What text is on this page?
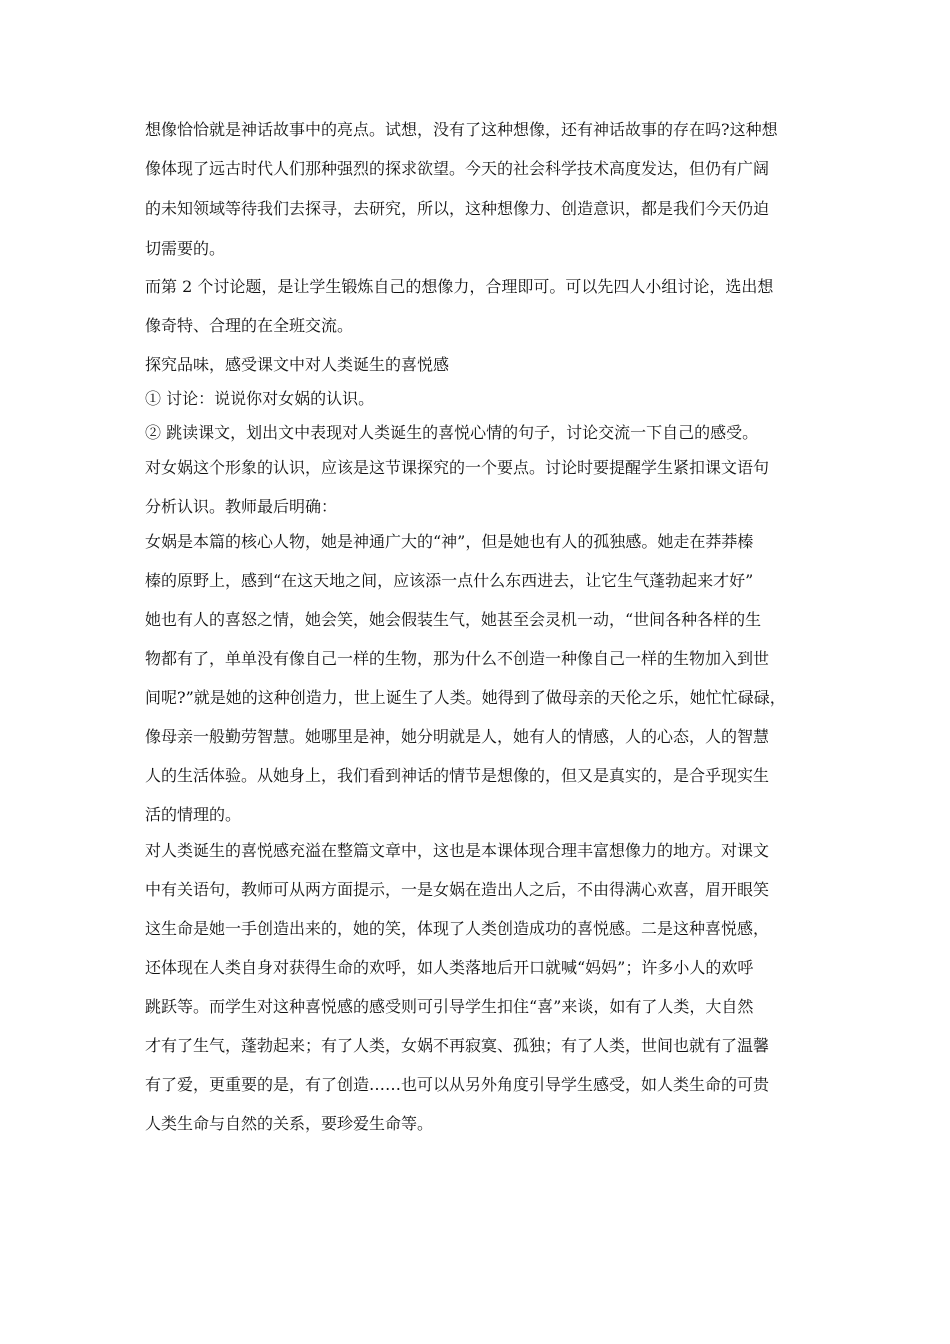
想像恰恰就是神话故事中的亮点。试想，没有了这种想像，还有神话故事的存在吗?这种想
像体现了远古时代人们那种强烈的探求欲望。今天的社会科学技术高度发达，但仍有广阔
的未知领域等待我们去探寻，去研究，所以，这种想像力、创造意识，都是我们今天仍迫
切需要的。
而第 2 个讨论题，是让学生锻炼自己的想像力，合理即可。可以先四人小组讨论，选出想
像奇特、合理的在全班交流。
探究品味，感受课文中对人类诞生的喜悦感
① 讨论：说说你对女娲的认识。
② 跳读课文，划出文中表现对人类诞生的喜悦心情的句子，讨论交流一下自己的感受。
对女娲这个形象的认识，应该是这节课探究的一个要点。讨论时要提醒学生紧扣课文语句
分析认识。教师最后明确：
女娲是本篇的核心人物，她是神通广大的“神”，但是她也有人的孤独感。她走在莽莽榛
榛的原野上，感到“在这天地之间，应该添一点什么东西进去，让它生气蓬勃起来才好”
她也有人的喜怒之情，她会笑，她会假装生气，她甚至会灵机一动，“世间各种各样的生
物都有了，单单没有像自己一样的生物，那为什么不创造一种像自己一样的生物加入到世
间呢?”就是她的这种创造力，世上诞生了人类。她得到了做母亲的天伦之乐，她忙忙碌碌，
像母亲一般勤劳智慧。她哪里是神，她分明就是人，她有人的情感，人的心态，人的智慧
人的生活体验。从她身上，我们看到神话的情节是想像的，但又是真实的，是合乎现实生
活的情理的。
对人类诞生的喜悦感充溢在整篇文章中，这也是本课体现合理丰富想像力的地方。对课文
中有关语句，教师可从两方面提示，一是女娲在造出人之后，不由得满心欢喜，眉开眼笑
这生命是她一手创造出来的，她的笑，体现了人类创造成功的喜悦感。二是这种喜悦感，
还体现在人类自身对获得生命的欢呼，如人类落地后开口就喊“妈妈”；许多小人的欢呼
跳跃等。而学生对这种喜悦感的感受则可引导学生扣住“喜”来谈，如有了人类，大自然
才有了生气，蓬勃起来；有了人类，女娲不再寂寞、孤独；有了人类，世间也就有了温馨
有了爱，更重要的是，有了创造……也可以从另外角度引导学生感受，如人类生命的可贵
人类生命与自然的关系，要珍爱生命等。
